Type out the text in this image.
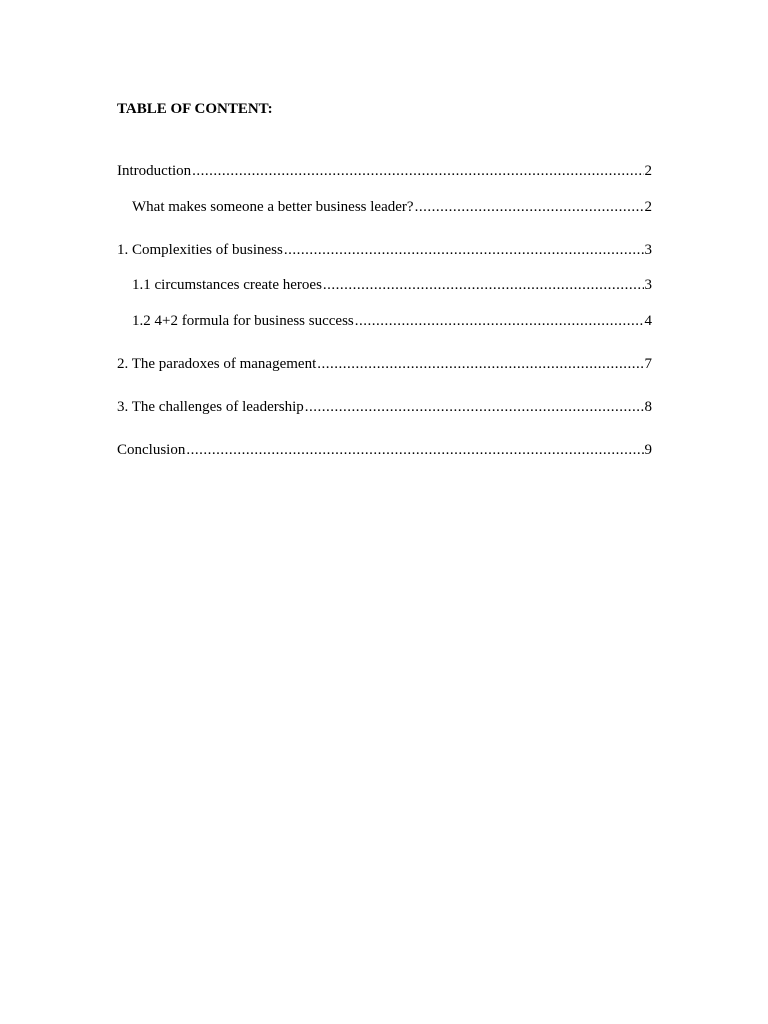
TABLE OF CONTENT:
Introduction .....	2
What makes someone a better business leader? .....	2
1. Complexities of business .....	3
1.1 circumstances create heroes .....	3
1.2 4+2 formula for business success .....	4
2. The paradoxes of management .....	7
3. The challenges of leadership .....	8
Conclusion .....	9
